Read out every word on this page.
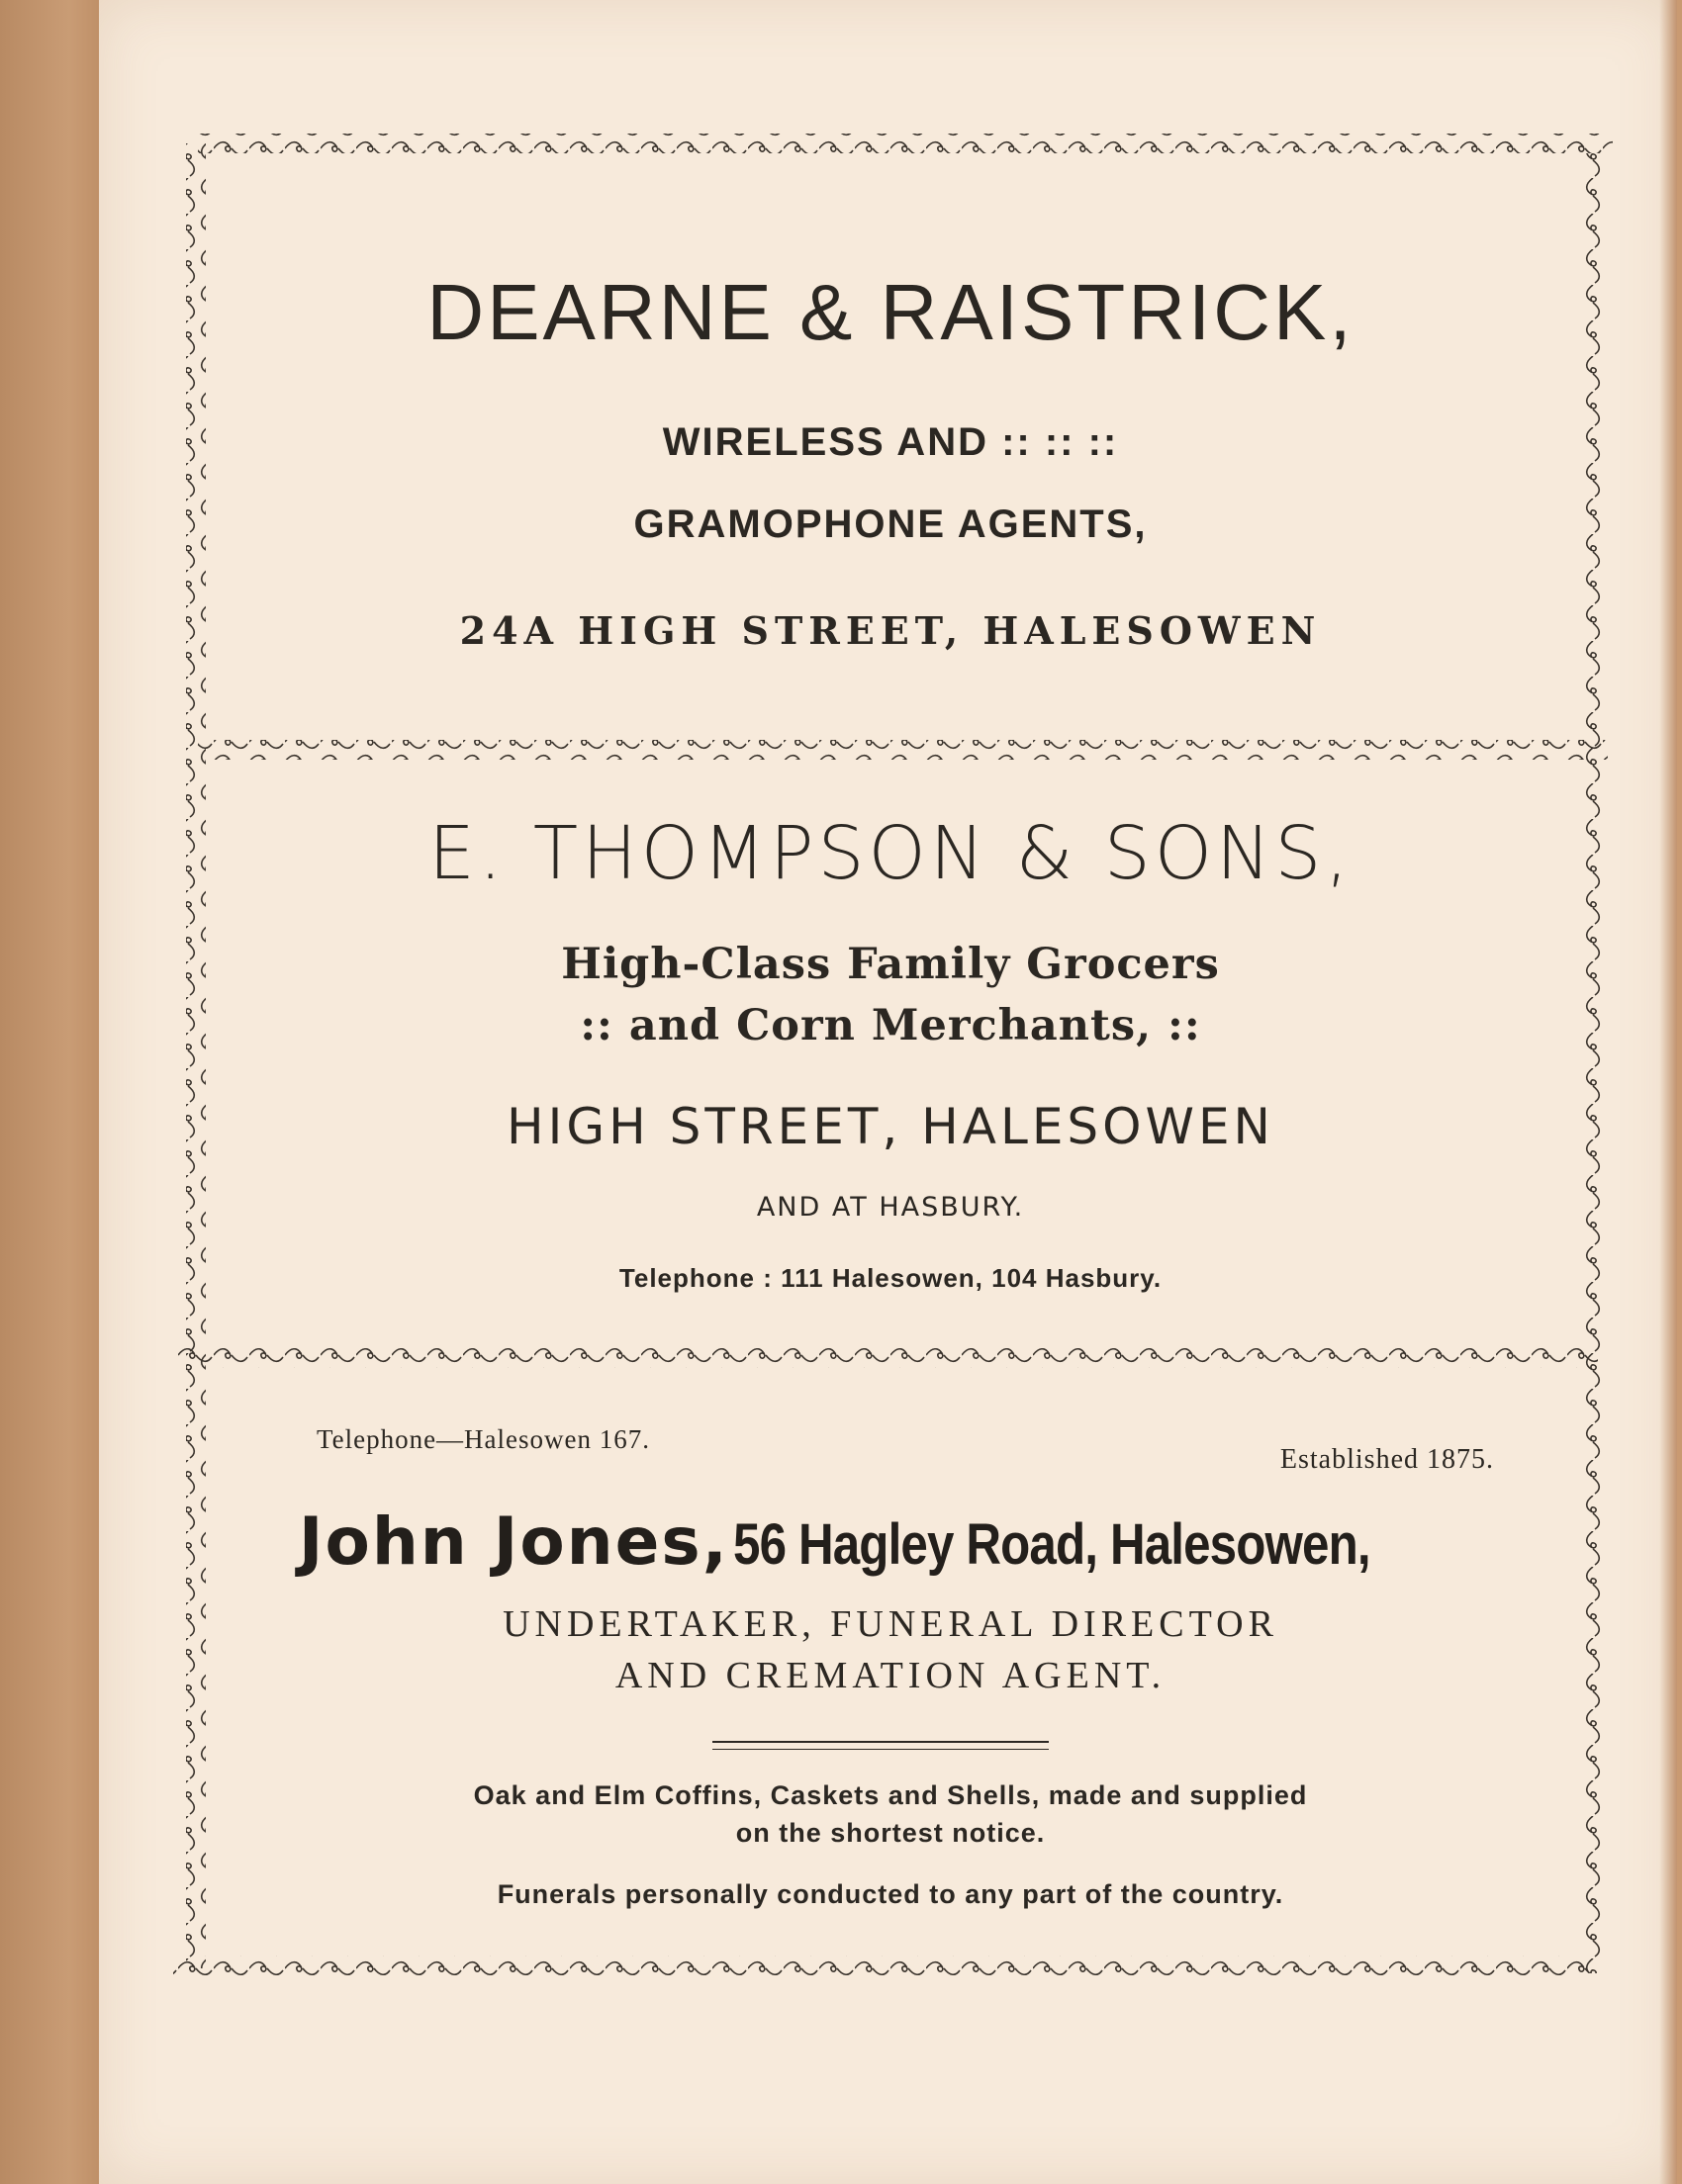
DEARNE & RAISTRICK,
WIRELESS AND :: :: ::
GRAMOPHONE AGENTS,
24A HIGH STREET, HALESOWEN
E. THOMPSON & SONS,
High-Class Family Grocers
:: and Corn Merchants, ::
HIGH STREET, HALESOWEN
AND AT HASBURY.
Telephone : 111 Halesowen, 104 Hasbury.
Telephone—Halesowen 167.
Established 1875.
John Jones, 56 Hagley Road, Halesowen,
UNDERTAKER, FUNERAL DIRECTOR
AND CREMATION AGENT.
Oak and Elm Coffins, Caskets and Shells, made and supplied
on the shortest notice.
Funerals personally conducted to any part of the country.
